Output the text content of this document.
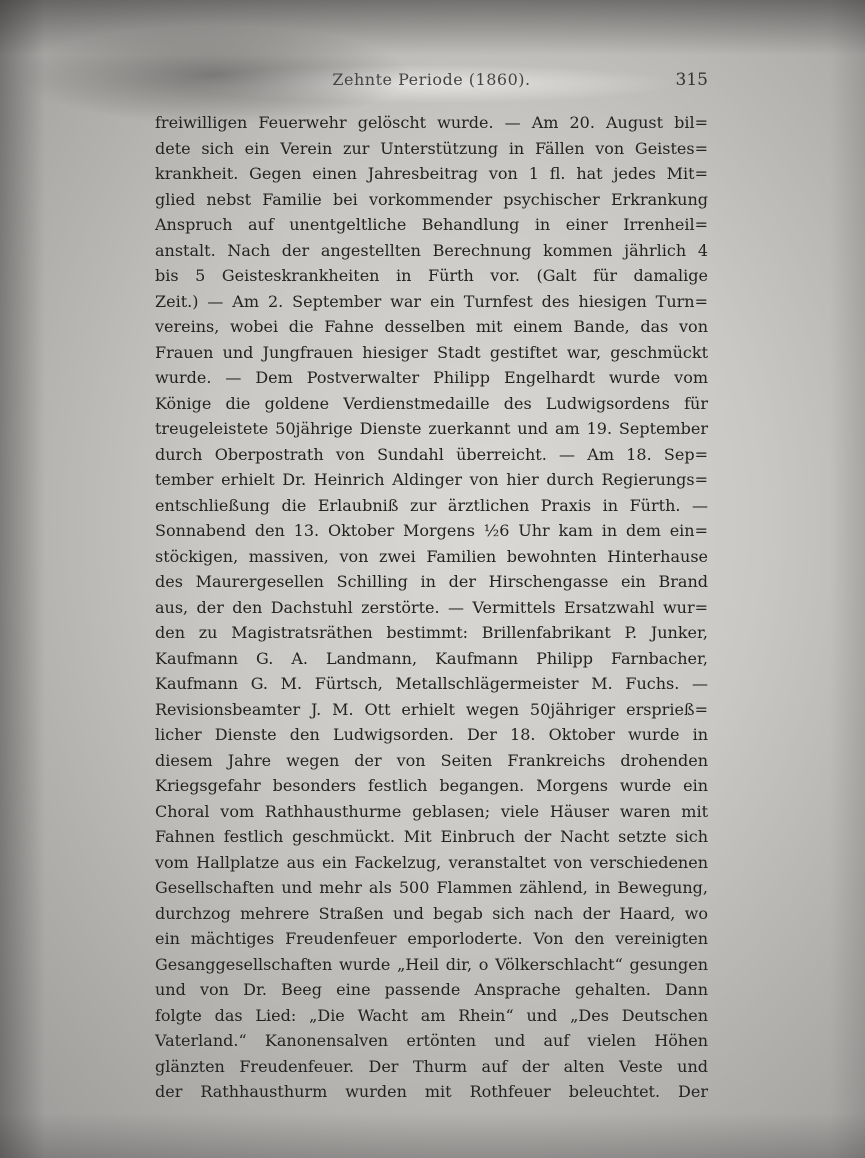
Zehnte Periode (1860).	315
freiwilligen Feuerwehr gelöscht wurde. — Am 20. August bil=
dete sich ein Verein zur Unterstützung in Fällen von Geistes=
krankheit. Gegen einen Jahresbeitrag von 1 fl. hat jedes Mit=
glied nebst Familie bei vorkommender psychischer Erkrankung
Anspruch auf unentgeltliche Behandlung in einer Irrenheil=
anstalt. Nach der angestellten Berechnung kommen jährlich 4
bis 5 Geisteskrankheiten in Fürth vor. (Galt für damalige
Zeit.) — Am 2. September war ein Turnfest des hiesigen Turn=
vereins, wobei die Fahne desselben mit einem Bande, das von
Frauen und Jungfrauen hiesiger Stadt gestiftet war, geschmückt
wurde. — Dem Postverwalter Philipp Engelhardt wurde vom
Könige die goldene Verdienstmedaille des Ludwigsordens für
treugeleistete 50jährige Dienste zuerkannt und am 19. September
durch Oberpostrath von Sundahl überreicht. — Am 18. Sep=
tember erhielt Dr. Heinrich Aldinger von hier durch Regierungs=
entschließung die Erlaubniß zur ärztlichen Praxis in Fürth. —
Sonnabend den 13. Oktober Morgens ½6 Uhr kam in dem ein=
stöckigen, massiven, von zwei Familien bewohnten Hinterhause
des Maurergesellen Schilling in der Hirschengasse ein Brand
aus, der den Dachstuhl zerstörte. — Vermittels Ersatzwahl wur=
den zu Magistratsräthen bestimmt: Brillenfabrikant P. Junker,
Kaufmann G. A. Landmann, Kaufmann Philipp Farnbacher,
Kaufmann G. M. Fürtsch, Metallschlägermeister M. Fuchs. —
Revisionsbeamter J. M. Ott erhielt wegen 50jähriger ersprieß=
licher Dienste den Ludwigsorden. Der 18. Oktober wurde in
diesem Jahre wegen der von Seiten Frankreichs drohenden
Kriegsgefahr besonders festlich begangen. Morgens wurde ein
Choral vom Rathhausthurme geblasen; viele Häuser waren mit
Fahnen festlich geschmückt. Mit Einbruch der Nacht setzte sich
vom Hallplatze aus ein Fackelzug, veranstaltet von verschiedenen
Gesellschaften und mehr als 500 Flammen zählend, in Bewegung,
durchzog mehrere Straßen und begab sich nach der Haard, wo
ein mächtiges Freudenfeuer emporloderte. Von den vereinigten
Gesanggesellschaften wurde „Heil dir, o Völkerschlacht“ gesungen
und von Dr. Beeg eine passende Ansprache gehalten. Dann
folgte das Lied: „Die Wacht am Rhein“ und „Des Deutschen
Vaterland.“ Kanonensalven ertönten und auf vielen Höhen
glänzten Freudenfeuer. Der Thurm auf der alten Veste und
der Rathhausthurm wurden mit Rothfeuer beleuchtet. Der
